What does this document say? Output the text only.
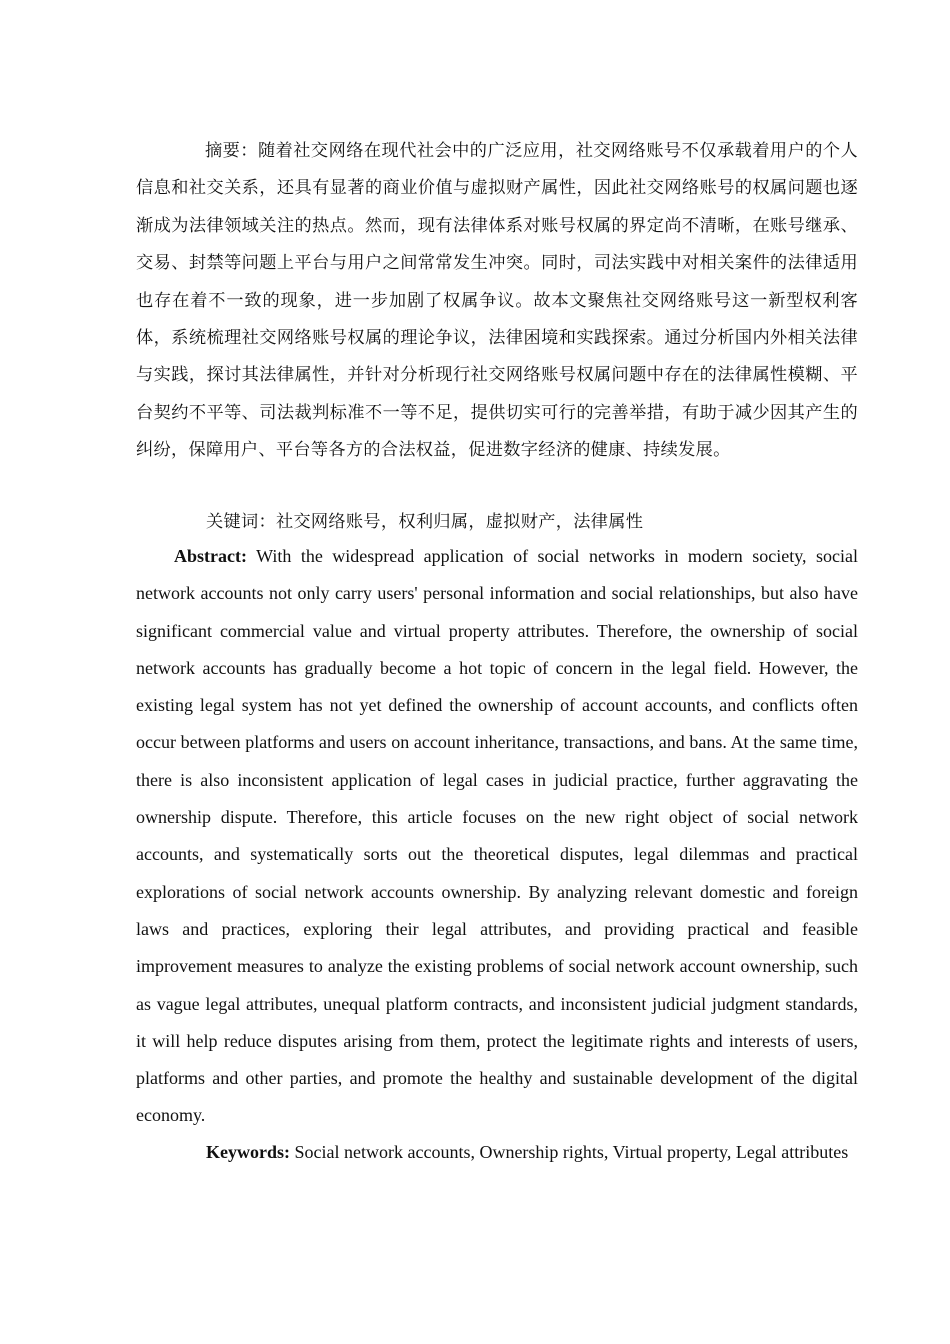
摘要：随着社交网络在现代社会中的广泛应用，社交网络账号不仅承载着用户的个人信息和社交关系，还具有显著的商业价值与虚拟财产属性，因此社交网络账号的权属问题也逐渐成为法律领域关注的热点。然而，现有法律体系对账号权属的界定尚不清晰，在账号继承、交易、封禁等问题上平台与用户之间常常发生冲突。同时，司法实践中对相关案件的法律适用也存在着不一致的现象，进一步加剧了权属争议。故本文聚焦社交网络账号这一新型权利客体，系统梳理社交网络账号权属的理论争议，法律困境和实践探索。通过分析国内外相关法律与实践，探讨其法律属性，并针对分析现行社交网络账号权属问题中存在的法律属性模糊、平台契约不平等、司法裁判标准不一等不足，提供切实可行的完善举措，有助于减少因其产生的纠纷，保障用户、平台等各方的合法权益，促进数字经济的健康、持续发展。

关键词：社交网络账号，权利归属，虚拟财产，法律属性

Abstract: With the widespread application of social networks in modern society, social network accounts not only carry users' personal information and social relationships, but also have significant commercial value and virtual property attributes. Therefore, the ownership of social network accounts has gradually become a hot topic of concern in the legal field. However, the existing legal system has not yet defined the ownership of account accounts, and conflicts often occur between platforms and users on account inheritance, transactions, and bans. At the same time, there is also inconsistent application of legal cases in judicial practice, further aggravating the ownership dispute. Therefore, this article focuses on the new right object of social network accounts, and systematically sorts out the theoretical disputes, legal dilemmas and practical explorations of social network accounts ownership. By analyzing relevant domestic and foreign laws and practices, exploring their legal attributes, and providing practical and feasible improvement measures to analyze the existing problems of social network account ownership, such as vague legal attributes, unequal platform contracts, and inconsistent judicial judgment standards, it will help reduce disputes arising from them, protect the legitimate rights and interests of users, platforms and other parties, and promote the healthy and sustainable development of the digital economy.

Keywords: Social network accounts, Ownership rights, Virtual property, Legal attributes
